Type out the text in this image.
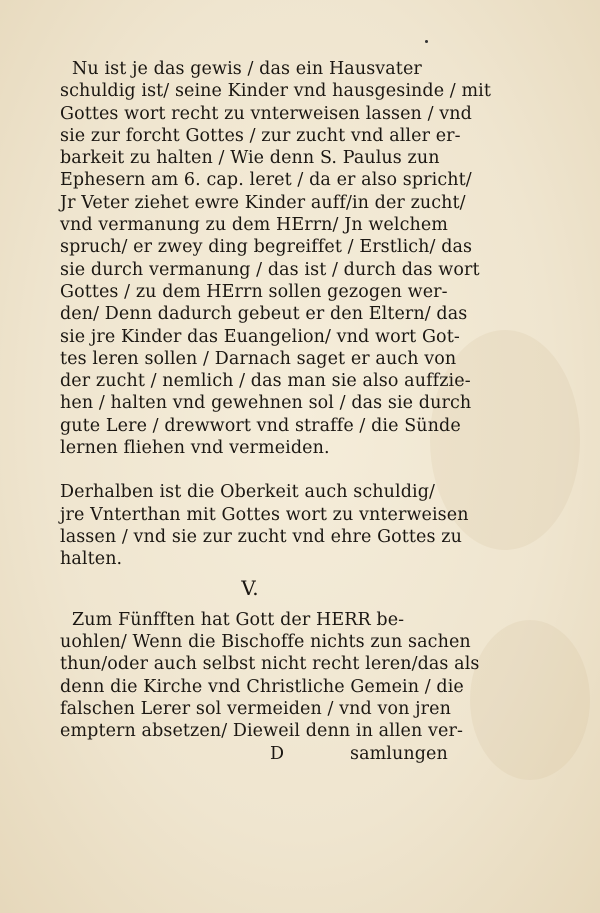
Nu ist je das gewis / das ein Hausvater
schuldig ist/ seine Kinder vnd hausgesinde / mit
Gottes wort recht zu vnterweisen lassen / vnd
sie zur forcht Gottes / zur zucht vnd aller er-
barkeit zu halten / Wie denn S. Paulus zun
Ephesern am 6. cap. leret / da er also spricht/
Jr Veter ziehet ewre Kinder auff/in der zucht/
vnd vermanung zu dem HErrn/ Jn welchem
spruch/ er zwey ding begreiffet / Erstlich/ das
sie durch vermanung / das ist / durch das wort
Gottes / zu dem HErrn sollen gezogen wer-
den/ Denn dadurch gebeut er den Eltern/ das
sie jre Kinder das Euangelion/ vnd wort Got-
tes leren sollen / Darnach saget er auch von
der zucht / nemlich / das man sie also auffzie-
hen / halten vnd gewehnen sol / das sie durch
gute Lere / drewwort vnd straffe / die Sünde
lernen fliehen vnd vermeiden.
Derhalben ist die Oberkeit auch schuldig/
jre Vnterthan mit Gottes wort zu vnterweisen
lassen / vnd sie zur zucht vnd ehre Gottes zu
halten.
V.
Zum Fünfften hat Gott der HERR be-
uohlen/ Wenn die Bischoffe nichts zun sachen
thun/oder auch selbst nicht recht leren/das als
denn die Kirche vnd Christliche Gemein / die
falschen Lerer sol vermeiden / vnd von jren
emptern absetzen/ Dieweil denn in allen ver-
D	samlungen
